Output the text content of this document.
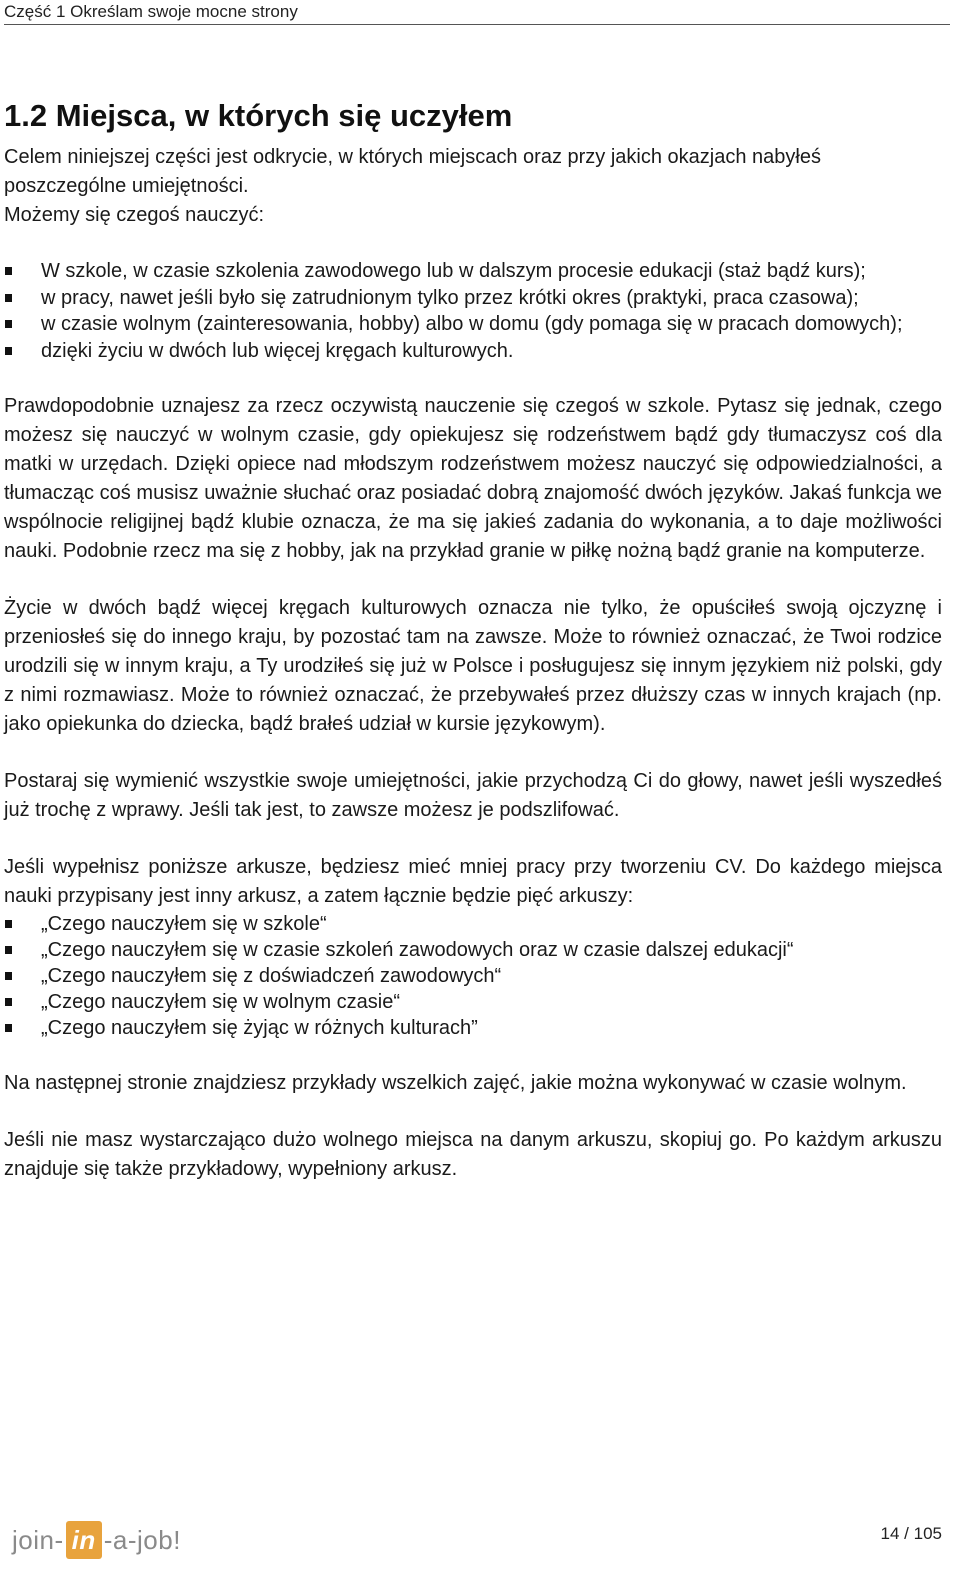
Część 1 Określam swoje mocne strony
1.2 Miejsca, w których się uczyłem

Celem niniejszej części jest odkrycie, w których miejscach oraz przy jakich okazjach nabyłeś poszczególne umiejętności.

Możemy się czegoś nauczyć:

W szkole, w czasie szkolenia zawodowego lub w dalszym procesie edukacji (staż bądź kurs);
w pracy, nawet jeśli było się zatrudnionym tylko przez krótki okres (praktyki, praca czasowa);
w czasie wolnym (zainteresowania, hobby) albo w domu (gdy pomaga się w pracach domowych);
dzięki życiu w dwóch lub więcej kręgach kulturowych.

Prawdopodobnie uznajesz za rzecz oczywistą nauczenie się czegoś w szkole. Pytasz się jednak, czego możesz się nauczyć w wolnym czasie, gdy opiekujesz się rodzeństwem bądź gdy tłumaczysz coś dla matki w urzędach. Dzięki opiece nad młodszym rodzeństwem możesz nauczyć się odpowiedzialności, a tłumacząc coś musisz uważnie słuchać oraz posiadać dobrą znajomość dwóch języków. Jakaś funkcja we wspólnocie religijnej bądź klubie oznacza, że ma się jakieś zadania do wykonania, a to daje możliwości nauki. Podobnie rzecz ma się z hobby, jak na przykład granie w piłkę nożną bądź granie na komputerze.

Życie w dwóch bądź więcej kręgach kulturowych oznacza nie tylko, że opuściłeś swoją ojczyznę i przeniosłeś się do innego kraju, by pozostać tam na zawsze. Może to również oznaczać, że Twoi rodzice urodzili się w innym kraju, a Ty urodziłeś się już w Polsce i posługujesz się innym językiem niż polski, gdy z nimi rozmawiasz. Może to również oznaczać, że przebywałeś przez dłuższy czas w innych krajach (np. jako opiekunka do dziecka, bądź brałeś udział w kursie językowym).

Postaraj się wymienić wszystkie swoje umiejętności, jakie przychodzą Ci do głowy, nawet jeśli wyszedłeś już trochę z wprawy. Jeśli tak jest, to zawsze możesz je podszlifować.

Jeśli wypełnisz poniższe arkusze, będziesz mieć mniej pracy przy tworzeniu CV. Do każdego miejsca nauki przypisany jest inny arkusz, a zatem łącznie będzie pięć arkuszy:

„Czego nauczyłem się w szkole“
„Czego nauczyłem się w czasie szkoleń zawodowych oraz w czasie dalszej edukacji“
„Czego nauczyłem się z doświadczeń zawodowych“
„Czego nauczyłem się w wolnym czasie“
„Czego nauczyłem się żyjąc w różnych kulturach”

Na następnej stronie znajdziesz przykłady wszelkich zajęć, jakie można wykonywać w czasie wolnym.

Jeśli nie masz wystarczająco dużo wolnego miejsca na danym arkuszu, skopiuj go. Po każdym arkuszu znajduje się także przykładowy, wypełniony arkusz.

join- in -a-job!	14 / 105
